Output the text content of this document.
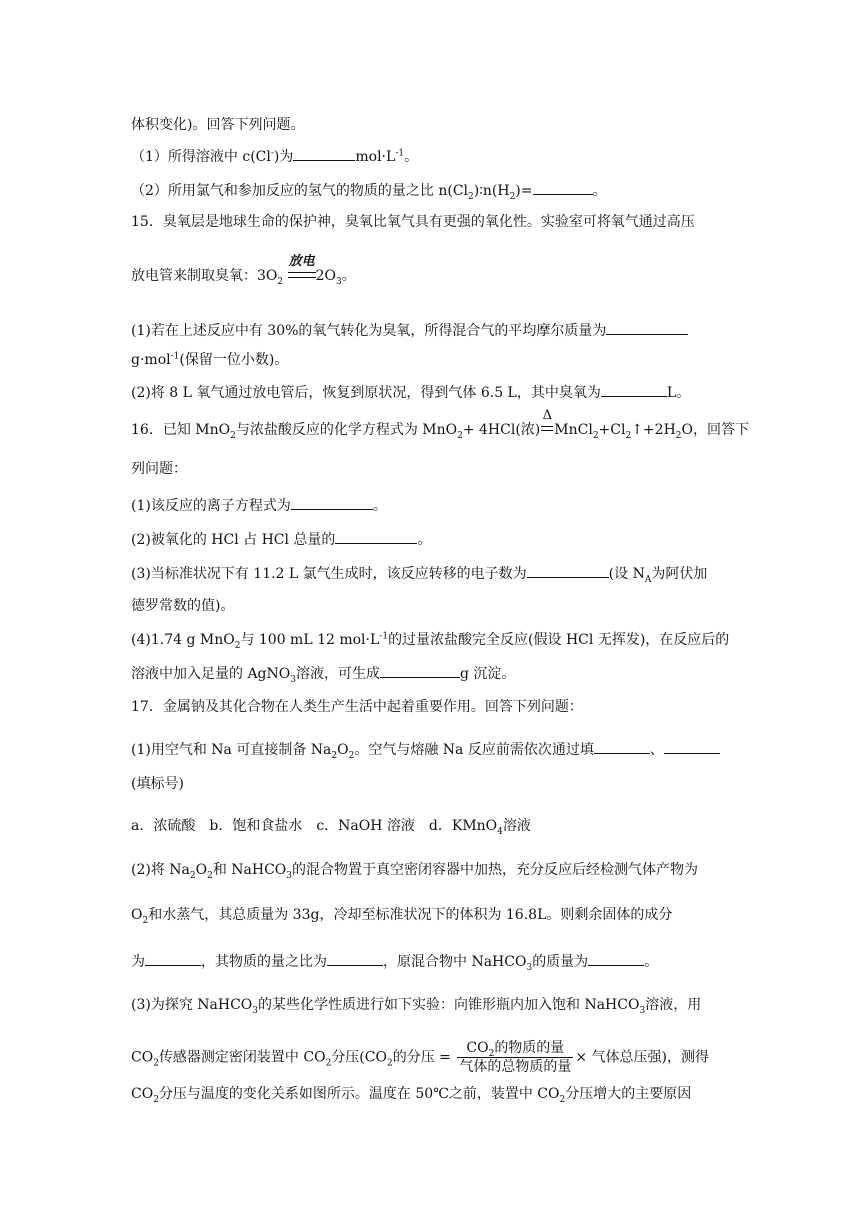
体积变化)。回答下列问题。
（1）所得溶液中 c(Cl-)为	$mol\cdot L^{-1}$。
（2）所用氯气和参加反应的氢气的物质的量之比 $n(Cl_2)∶n(H_2)=$	。
15．臭氧层是地球生命的保护神，臭氧比氧气具有更强的氧化性。实验室可将氧气通过高压
放电管来制取臭氧：$3O_2$
放电
$2O_3$。
(1)若在上述反应中有 30%的氧气转化为臭氧，所得混合气的平均摩尔质量为
g·mol$^{-1}$(保留一位小数)。
(2)将 8 L 氧气通过放电管后，恢复到原状况，得到气体 6.5 L，其中臭氧为	L。
16．已知 MnO$_2$与浓盐酸反应的化学方程式为 MnO$_2$+ 4HCl(浓)
Δ
$MnCl_2+Cl_2↑+2H_2O$，回答下
列问题：
(1)该反应的离子方程式为	。
(2)被氧化的 HCl 占 HCl 总量的	。
(3)当标准状况下有 11.2 L 氯气生成时，该反应转移的电子数为	(设 $N_A$为阿伏加
德罗常数的值)。
(4)1.74 g MnO$_2$与 100 mL 12 $mol\cdot L^{-1}$的过量浓盐酸完全反应(假设 HCl 无挥发)，在反应后的
溶液中加入足量的 AgNO$_3$溶液，可生成	g 沉淀。
17．金属钠及其化合物在人类生产生活中起着重要作用。回答下列问题：
(1)用空气和 Na 可直接制备 $Na_2O_2$。空气与熔融 Na 反应前需依次通过填	、
(填标号)
a．浓硫酸 b．饱和食盐水 c．NaOH 溶液 d．KMnO$_4$溶液
(2)将 $Na_2O_2$和 NaHCO$_3$的混合物置于真空密闭容器中加热，充分反应后经检测气体产物为
$O_2$和水蒸气，其总质量为 33g，冷却至标准状况下的体积为 16.8L。则剩余固体的成分
为	，其物质的量之比为	，原混合物中 NaHCO$_3$的质量为	。
(3)为探究 NaHCO$_3$的某些化学性质进行如下实验：向锥形瓶内加入饱和 NaHCO$_3$溶液，用
$CO_2$传感器测定密闭装置中 $CO_2$分压($CO_2$的分压 = $\frac{CO_2的物质的量}{\text{气体的总物质的量}}$ × 气体总压强)，测得
$CO_2$分压与温度的变化关系如图所示。温度在 50℃之前，装置中 $CO_2$分压增大的主要原因
